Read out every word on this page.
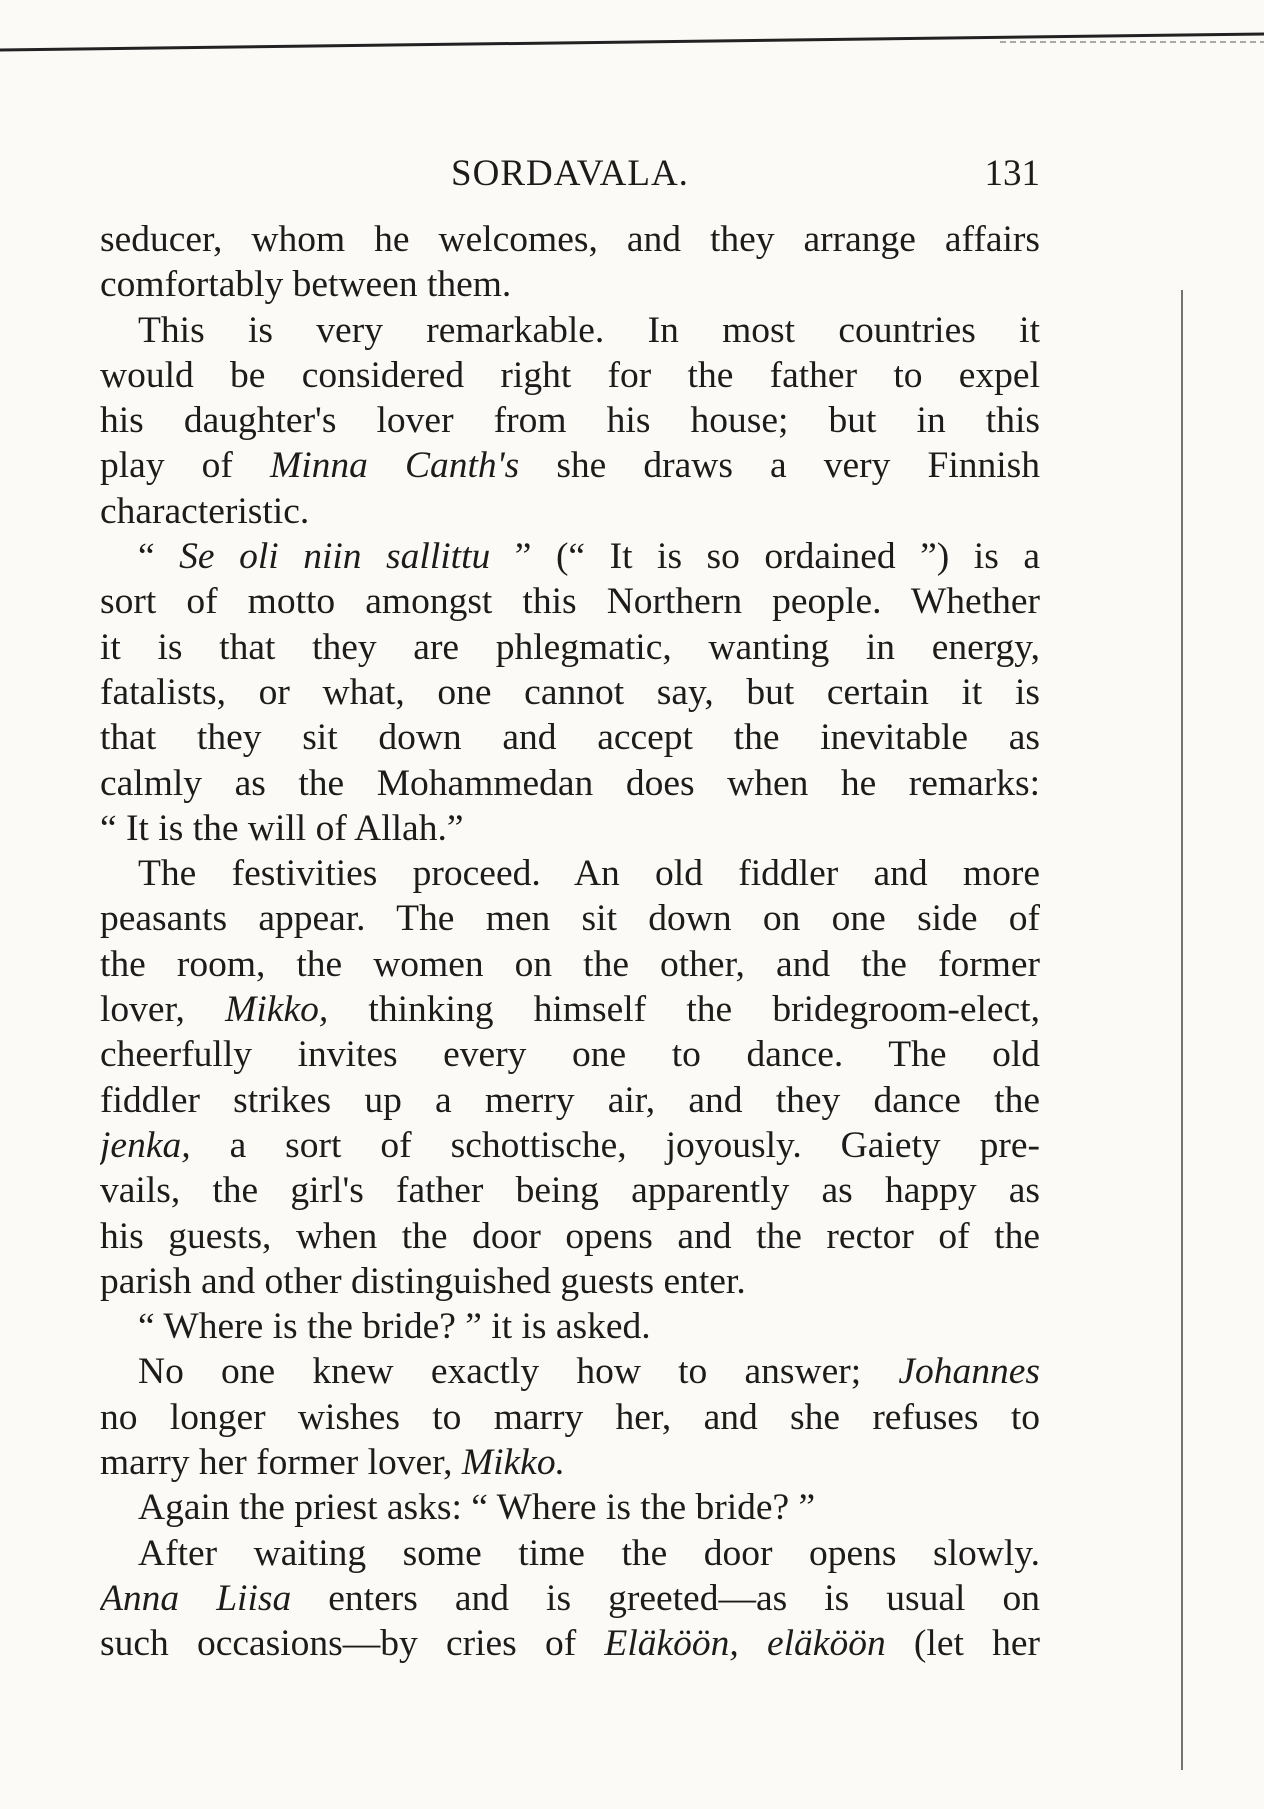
SORDAVALA.	131
seducer, whom he welcomes, and they arrange affairs
comfortably between them.
This is very remarkable. In most countries it
would be considered right for the father to expel
his daughter's lover from his house; but in this
play of Minna Canth's she draws a very Finnish
characteristic.
“ Se oli niin sallittu ” (“ It is so ordained ”) is a
sort of motto amongst this Northern people. Whether
it is that they are phlegmatic, wanting in energy,
fatalists, or what, one cannot say, but certain it is
that they sit down and accept the inevitable as
calmly as the Mohammedan does when he remarks:
“ It is the will of Allah.”
The festivities proceed. An old fiddler and more
peasants appear. The men sit down on one side of
the room, the women on the other, and the former
lover, Mikko, thinking himself the bridegroom-elect,
cheerfully invites every one to dance. The old
fiddler strikes up a merry air, and they dance the
jenka, a sort of schottische, joyously. Gaiety pre-
vails, the girl's father being apparently as happy as
his guests, when the door opens and the rector of the
parish and other distinguished guests enter.
“ Where is the bride? ” it is asked.
No one knew exactly how to answer; Johannes
no longer wishes to marry her, and she refuses to
marry her former lover, Mikko.
Again the priest asks: “ Where is the bride? ”
After waiting some time the door opens slowly.
Anna Liisa enters and is greeted—as is usual on
such occasions—by cries of Eläköön, eläköön (let her
